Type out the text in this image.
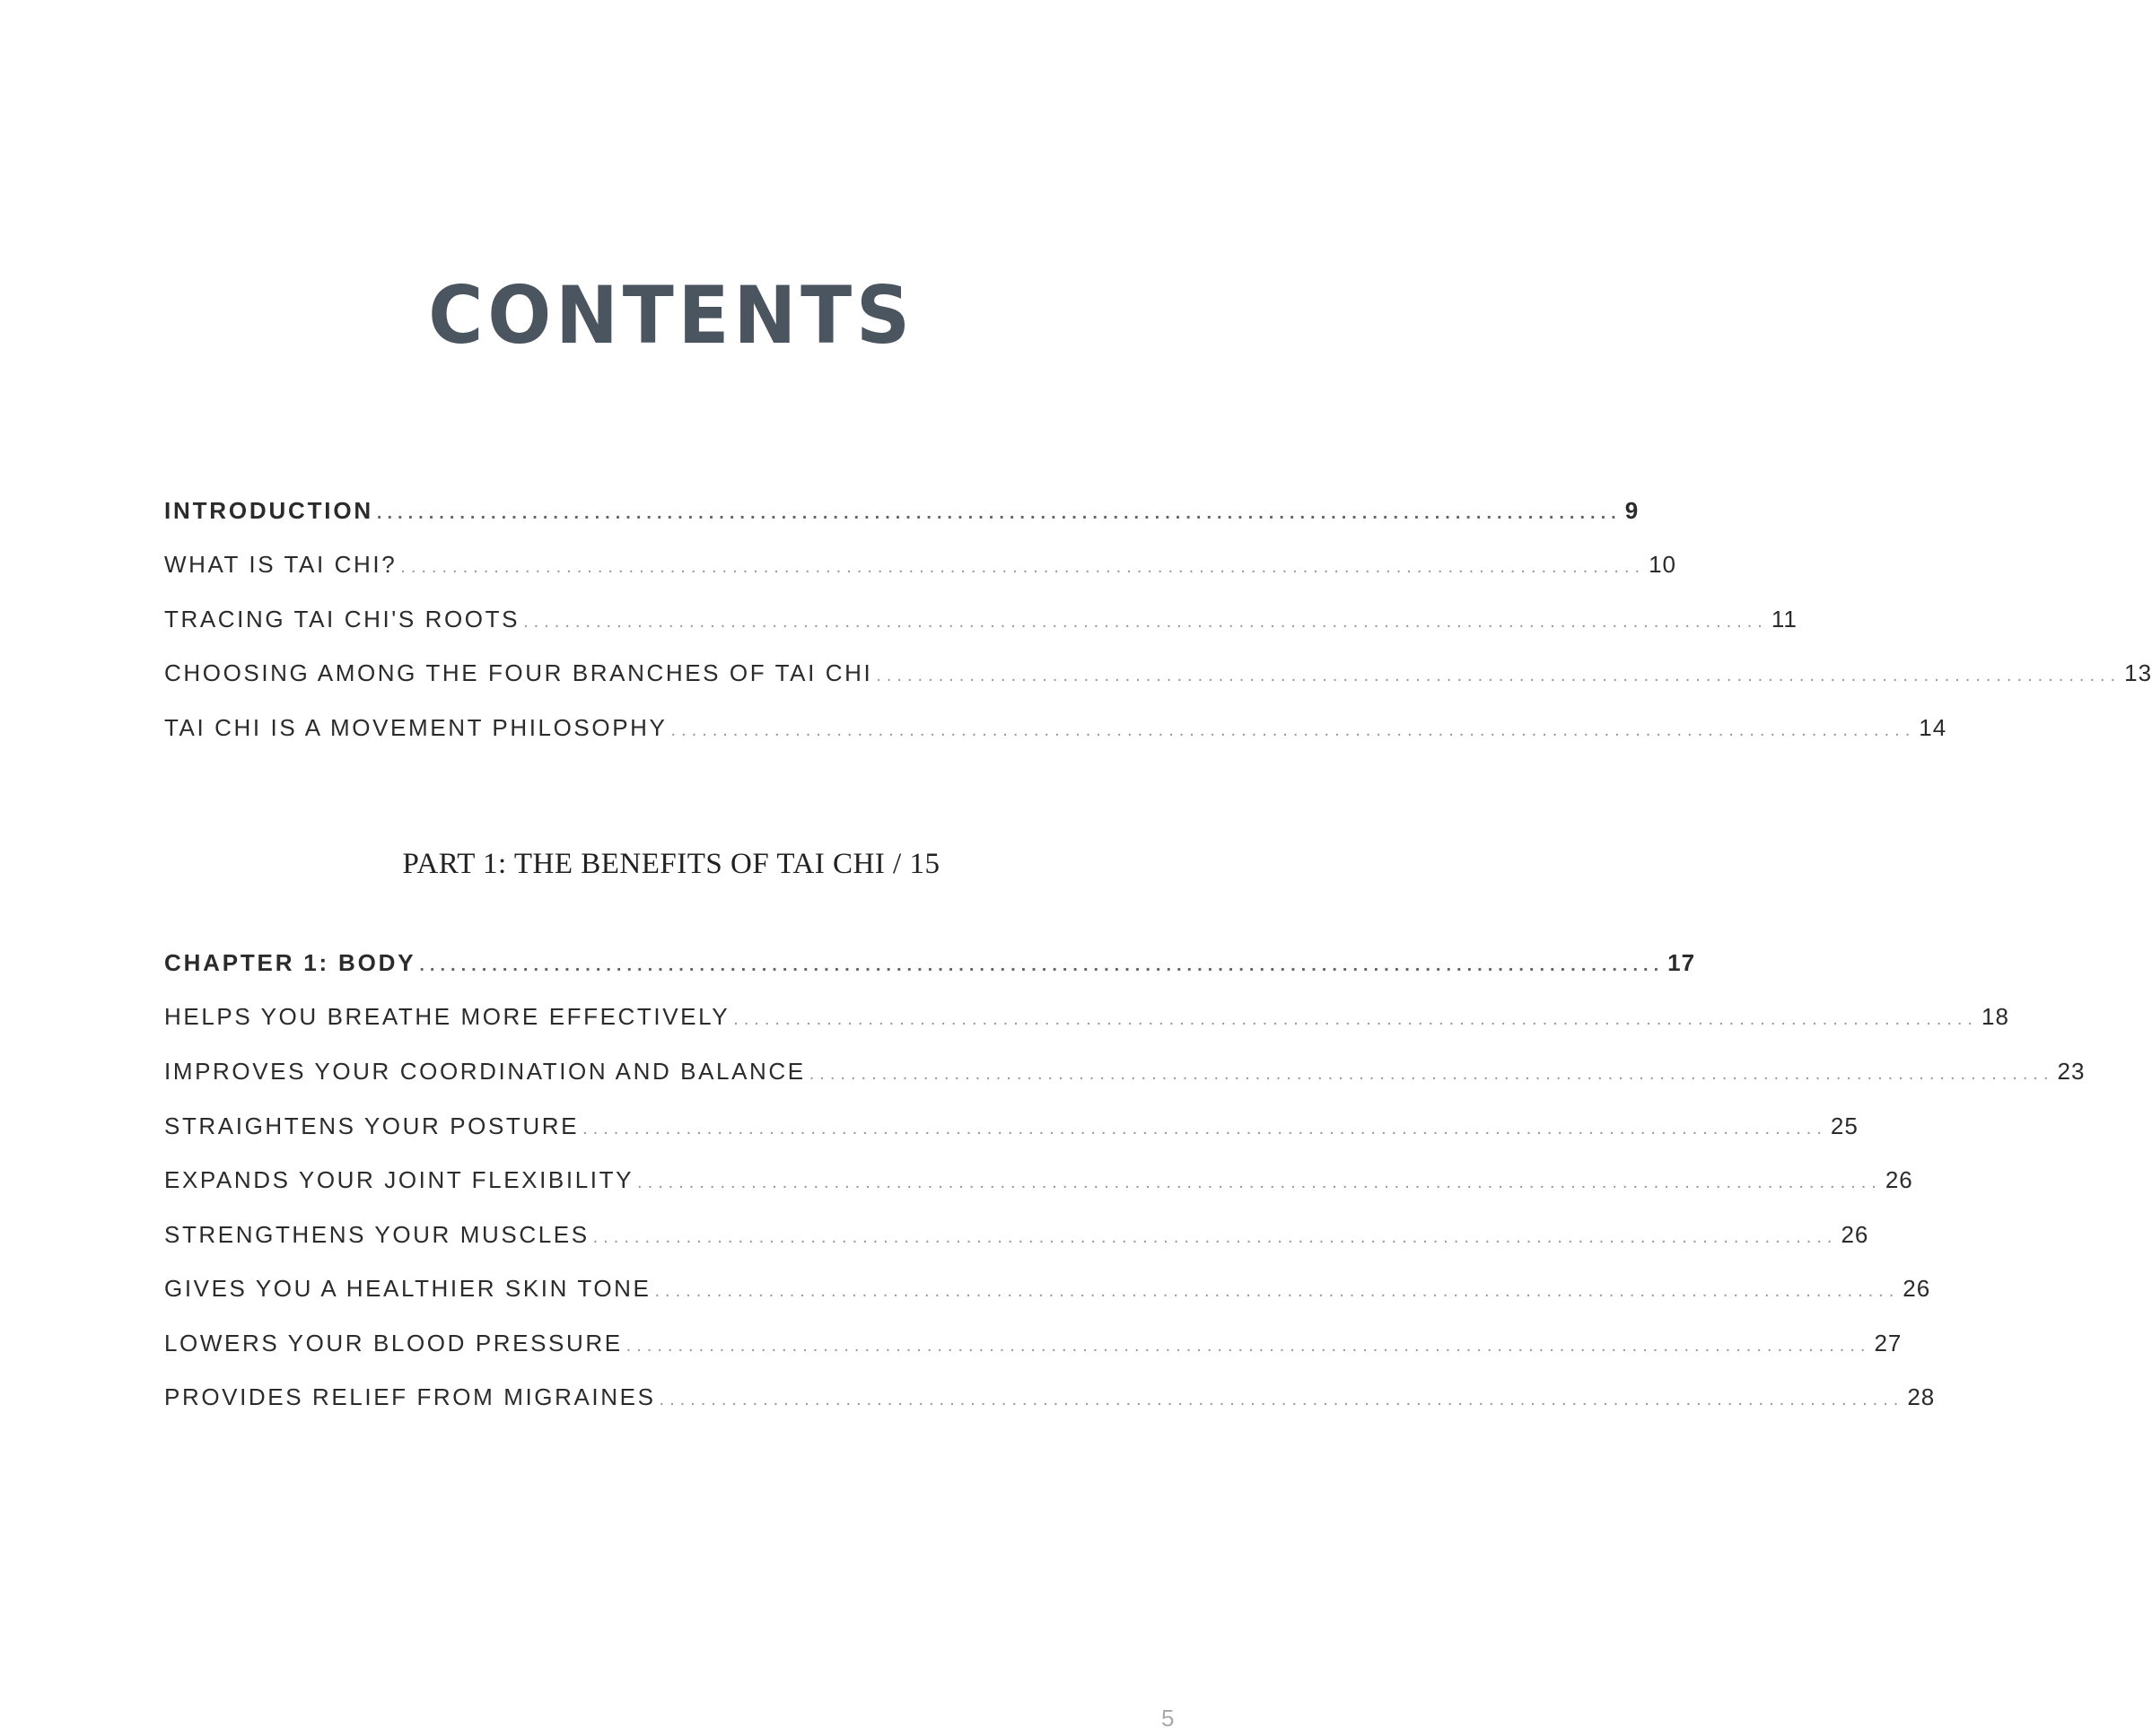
CONTENTS
INTRODUCTION ........................................................................................................................ 9
WHAT IS TAI CHI? ........................................................................................................................ 10
TRACING TAI CHI'S ROOTS ........................................................................................................................ 11
CHOOSING AMONG THE FOUR BRANCHES OF TAI CHI ........................................................................................................................ 13
TAI CHI IS A MOVEMENT PHILOSOPHY ........................................................................................................................ 14
PART 1: THE BENEFITS OF TAI CHI / 15
CHAPTER 1: BODY ........................................................................................................................ 17
HELPS YOU BREATHE MORE EFFECTIVELY ........................................................................................................................ 18
IMPROVES YOUR COORDINATION AND BALANCE ........................................................................................................................ 23
STRAIGHTENS YOUR POSTURE ........................................................................................................................ 25
EXPANDS YOUR JOINT FLEXIBILITY ........................................................................................................................ 26
STRENGTHENS YOUR MUSCLES ........................................................................................................................ 26
GIVES YOU A HEALTHIER SKIN TONE ........................................................................................................................ 26
LOWERS YOUR BLOOD PRESSURE ........................................................................................................................ 27
PROVIDES RELIEF FROM MIGRAINES ........................................................................................................................ 28
5
